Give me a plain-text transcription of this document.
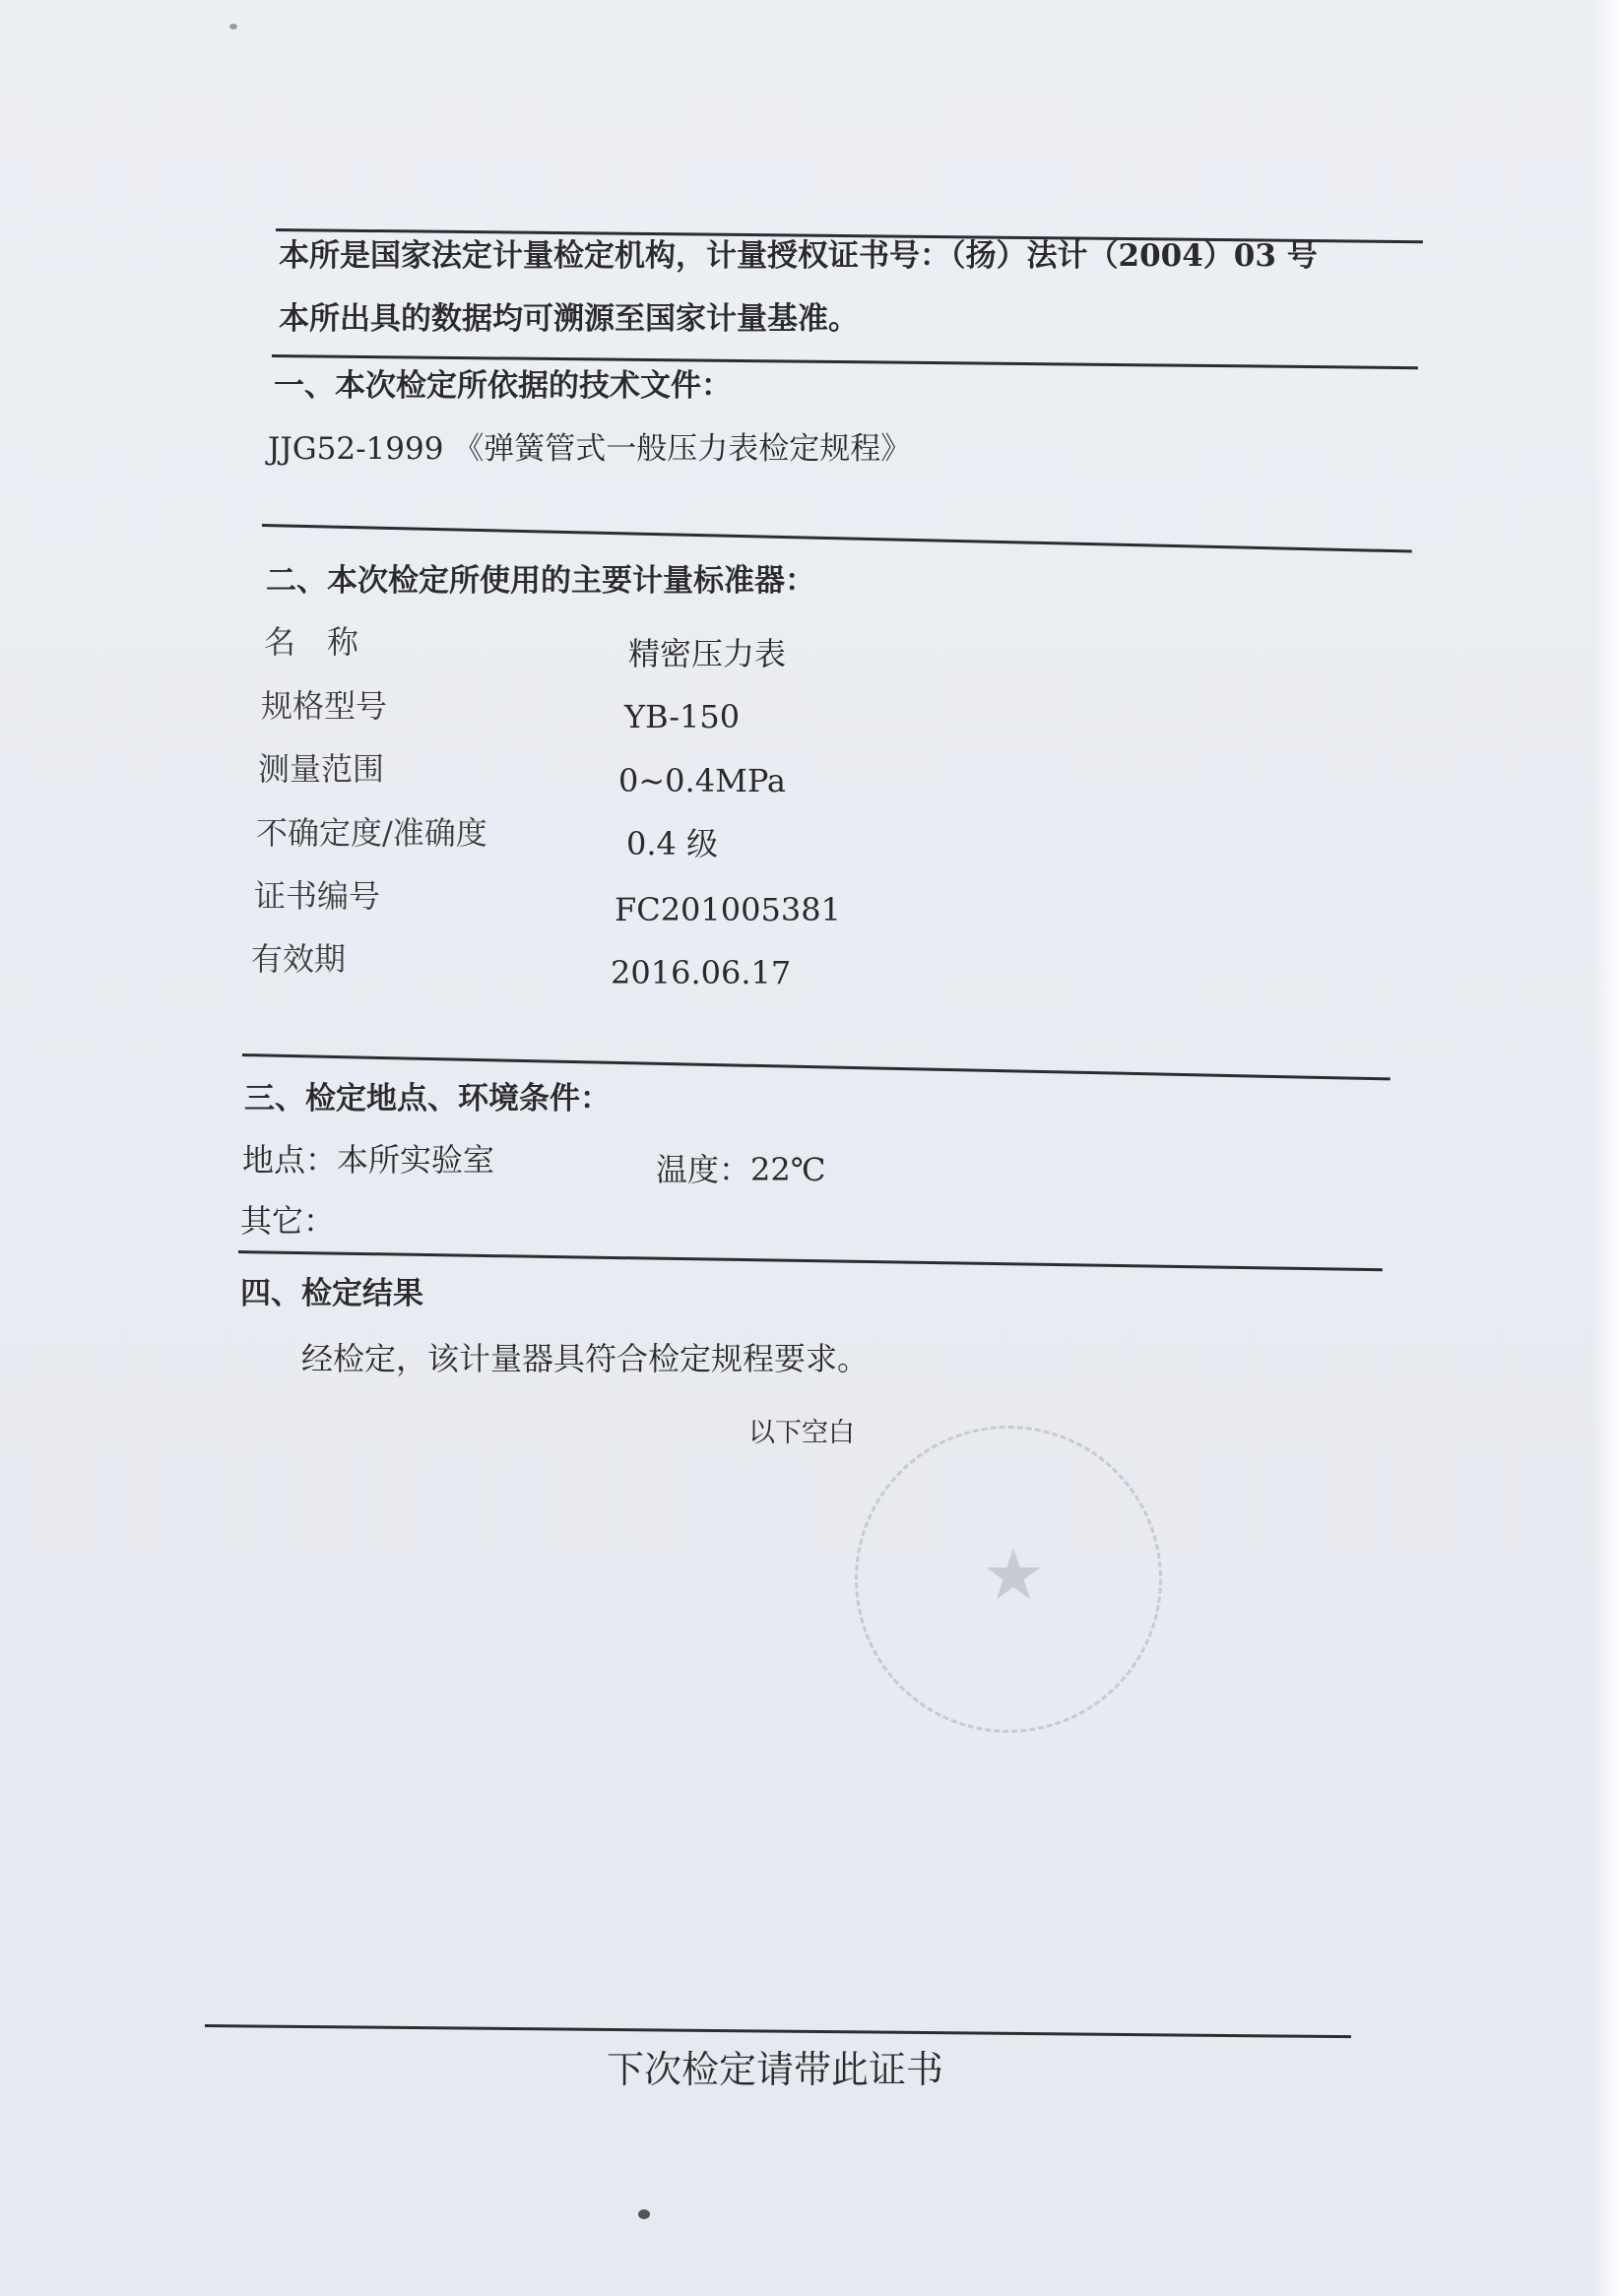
本所是国家法定计量检定机构，计量授权证书号：（扬）法计（2004）03 号
本所出具的数据均可溯源至国家计量基准。
一、本次检定所依据的技术文件：
JJG52-1999 《弹簧管式一般压力表检定规程》
二、本次检定所使用的主要计量标准器：
名　称	精密压力表
规格型号	YB-150
测量范围	0~0.4MPa
不确定度/准确度	0.4 级
证书编号	FC201005381
有效期	2016.06.17
三、检定地点、环境条件：
地点：本所实验室	温度：22℃
其它：
四、检定结果
经检定，该计量器具符合检定规程要求。
以下空白
★
下次检定请带此证书
